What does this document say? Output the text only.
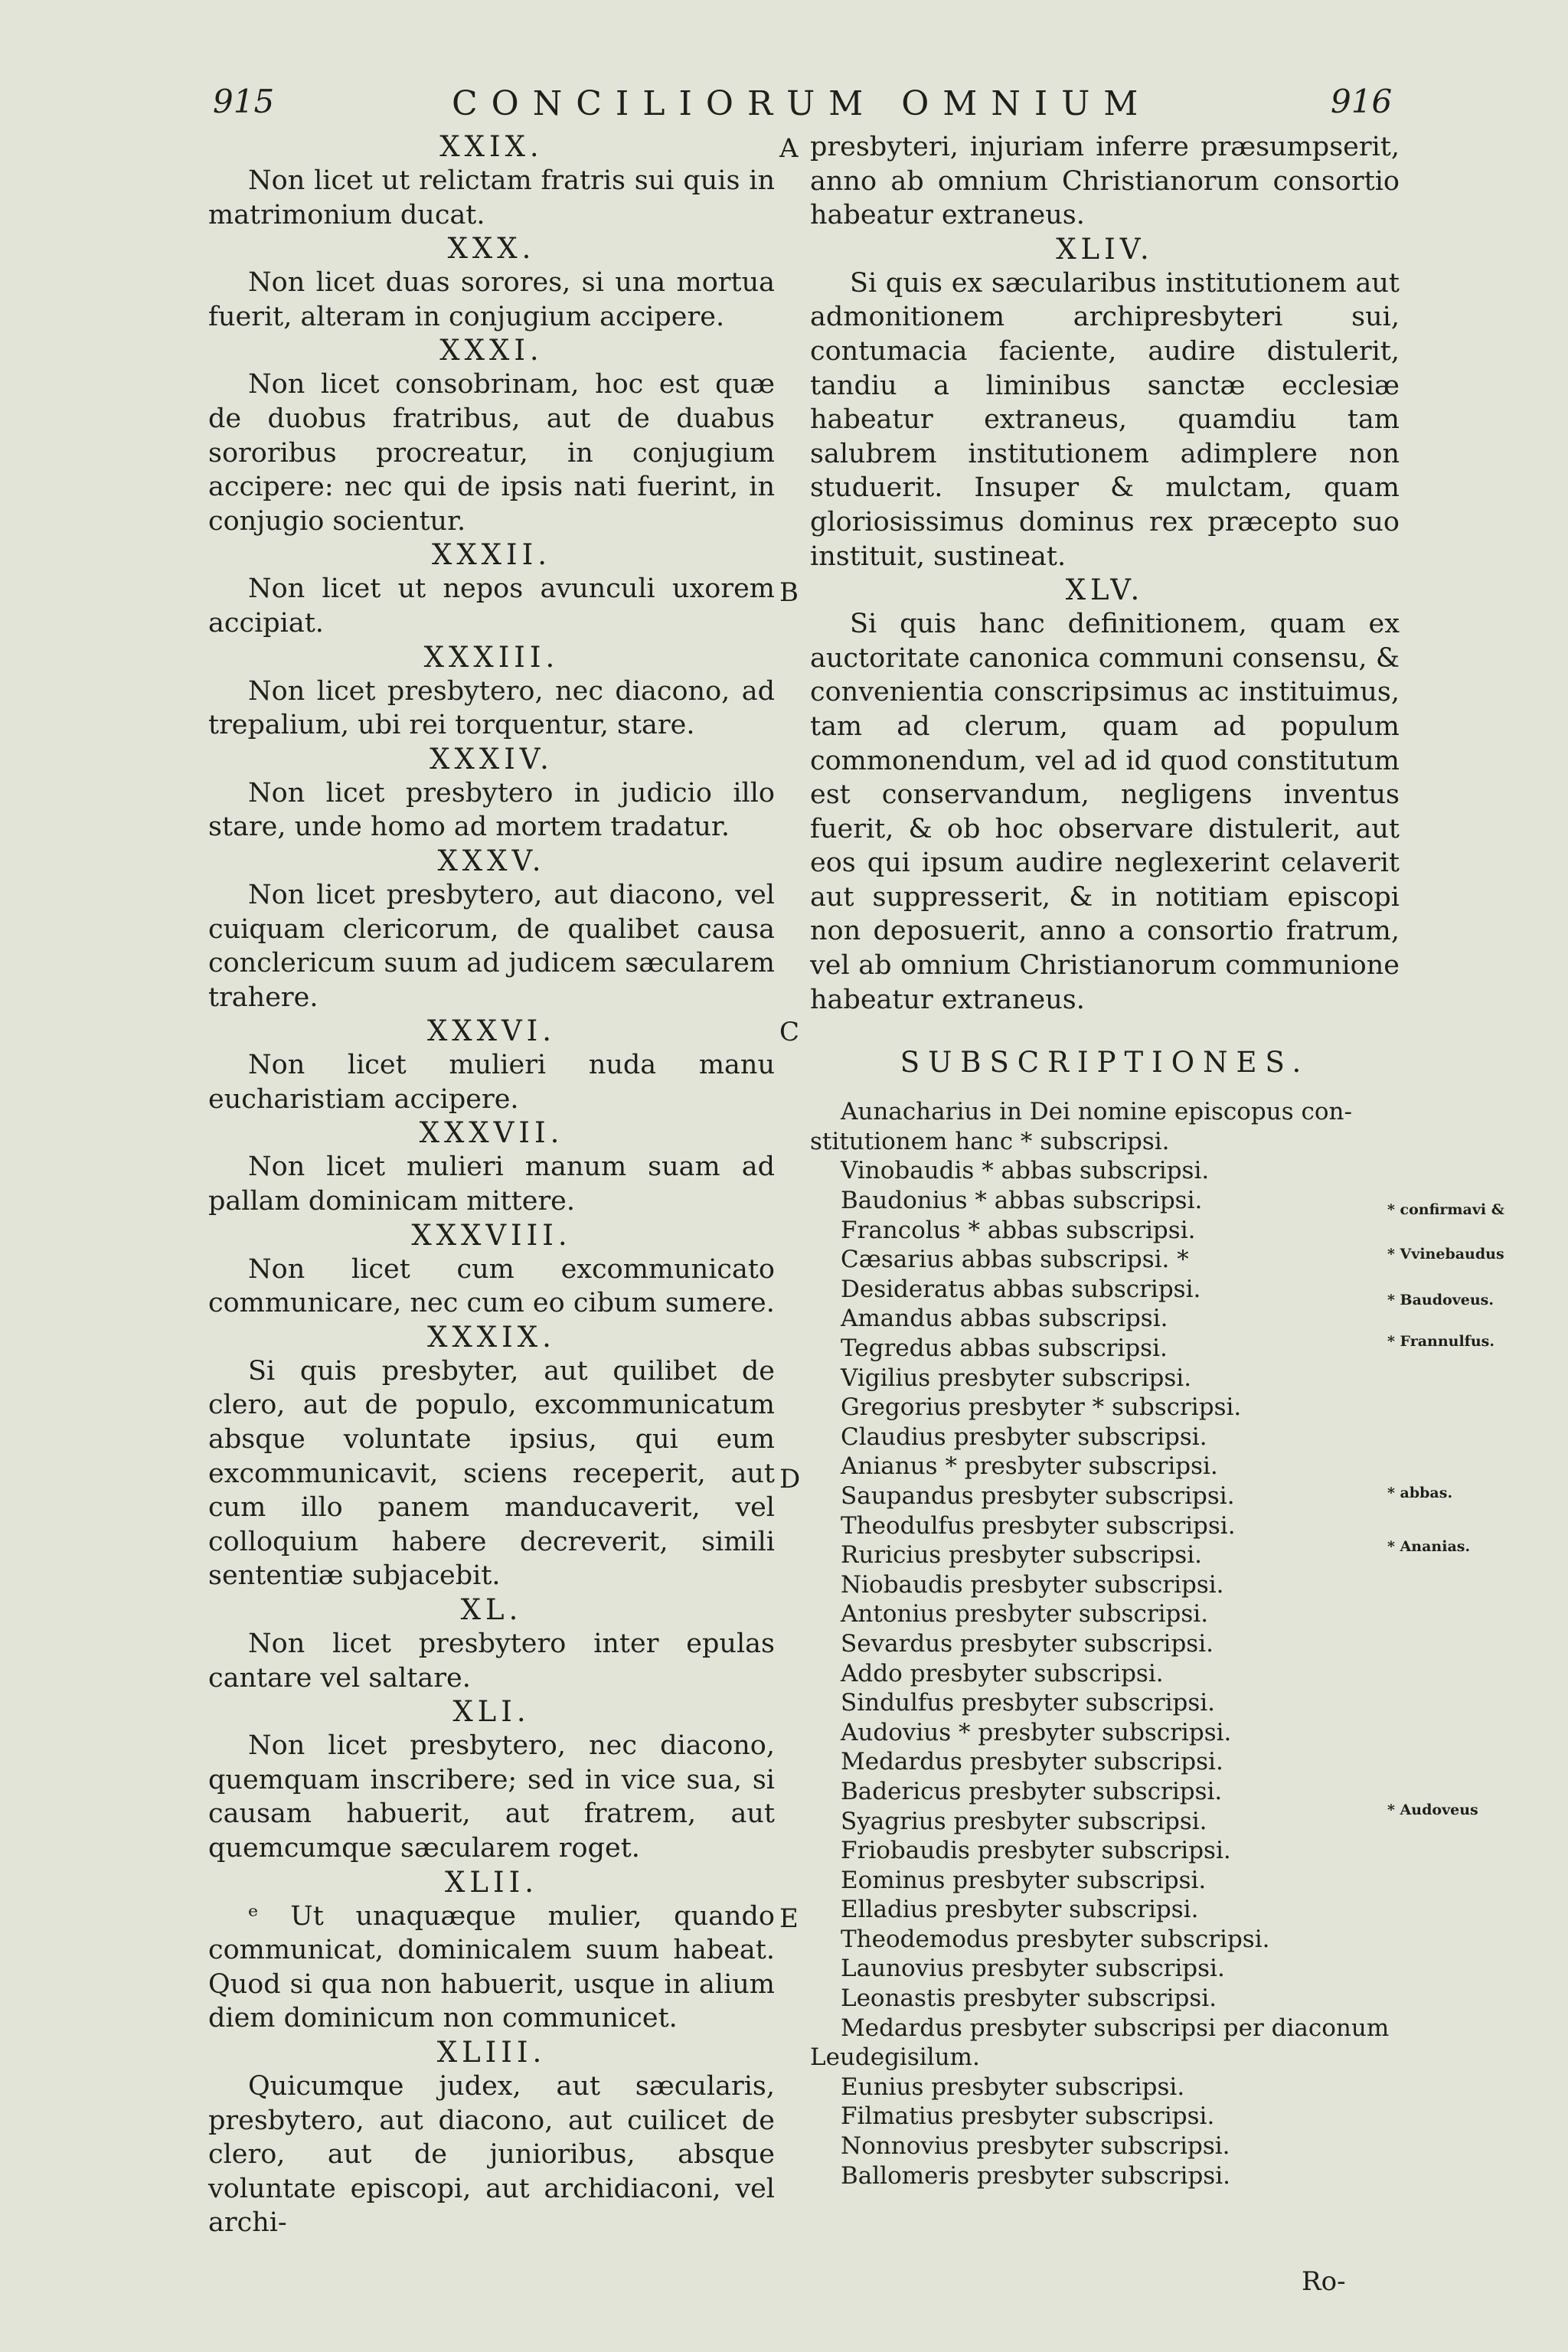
915	CONCILIORUM OMNIUM	916
XXIX.

Non licet ut relictam fratris sui quis in matrimonium ducat.

XXX.

Non licet duas sorores, si una mortua fuerit, alteram in conjugium accipere.

XXXI.

Non licet consobrinam, hoc est quæ de duobus fratribus, aut de duabus sororibus procreatur, in conjugium accipere: nec qui de ipsis nati fuerint, in conjugio socientur.

XXXII.

Non licet ut nepos avunculi uxorem accipiat.

XXXIII.

Non licet presbytero, nec diacono, ad trepalium, ubi rei torquentur, stare.

XXXIV.

Non licet presbytero in judicio illo stare, unde homo ad mortem tradatur.

XXXV.

Non licet presbytero, aut diacono, vel cuiquam clericorum, de qualibet causa conclericum suum ad judicem sæcularem trahere.

XXXVI.

Non licet mulieri nuda manu eucharistiam accipere.

XXXVII.

Non licet mulieri manum suam ad pallam dominicam mittere.

XXXVIII.

Non licet cum excommunicato communicare, nec cum eo cibum sumere.

XXXIX.

Si quis presbyter, aut quilibet de clero, aut de populo, excommunicatum absque voluntate ipsius, qui eum excommunicavit, sciens receperit, aut cum illo panem manducaverit, vel colloquium habere decreverit, simili sententiæ subjacebit.

XL.

Non licet presbytero inter epulas cantare vel saltare.

XLI.

Non licet presbytero, nec diacono, quemquam inscribere; sed in vice sua, si causam habuerit, aut fratrem, aut quemcumque sæcularem roget.

XLII.

ᵉ Ut unaquæque mulier, quando communicat, dominicalem suum habeat. Quod si qua non habuerit, usque in alium diem dominicum non communicet.

XLIII.

Quicumque judex, aut sæcularis, presbytero, aut diacono, aut cuilicet de clero, aut de junioribus, absque voluntate episcopi, aut archidiaconi, vel archi-

A
B
C
D
E

presbyteri, injuriam inferre præsumpserit, anno ab omnium Christianorum consortio habeatur extraneus.

XLIV.

Si quis ex sæcularibus institutionem aut admonitionem archipresbyteri sui, contumacia faciente, audire distulerit, tandiu a liminibus sanctæ ecclesiæ habeatur extraneus, quamdiu tam salubrem institutionem adimplere non studuerit. Insuper & mulctam, quam gloriosissimus dominus rex præcepto suo instituit, sustineat.

XLV.

Si quis hanc definitionem, quam ex auctoritate canonica communi consensu, & convenientia conscripsimus ac instituimus, tam ad clerum, quam ad populum commonendum, vel ad id quod constitutum est conservandum, negligens inventus fuerit, & ob hoc observare distulerit, aut eos qui ipsum audire neglexerint celaverit aut suppresserit, & in notitiam episcopi non deposuerit, anno a consortio fratrum, vel ab omnium Christianorum communione habeatur extraneus.

SUBSCRIPTIONES.

Aunacharius in Dei nomine episcopus con-
stitutionem hanc * subscripsi.

Vinobaudis * abbas subscripsi.

Baudonius * abbas subscripsi.

Francolus * abbas subscripsi.

Cæsarius abbas subscripsi. *

Desideratus abbas subscripsi.

Amandus abbas subscripsi.

Tegredus abbas subscripsi.

Vigilius presbyter subscripsi.

Gregorius presbyter * subscripsi.

Claudius presbyter subscripsi.

Anianus * presbyter subscripsi.

Saupandus presbyter subscripsi.

Theodulfus presbyter subscripsi.

Ruricius presbyter subscripsi.

Niobaudis presbyter subscripsi.

Antonius presbyter subscripsi.

Sevardus presbyter subscripsi.

Addo presbyter subscripsi.

Sindulfus presbyter subscripsi.

Audovius * presbyter subscripsi.

Medardus presbyter subscripsi.

Badericus presbyter subscripsi.

Syagrius presbyter subscripsi.

Friobaudis presbyter subscripsi.

Eominus presbyter subscripsi.

Elladius presbyter subscripsi.

Theodemodus presbyter subscripsi.

Launovius presbyter subscripsi.

Leonastis presbyter subscripsi.

Medardus presbyter subscripsi per diaconum
Leudegisilum.

Eunius presbyter subscripsi.

Filmatius presbyter subscripsi.

Nonnovius presbyter subscripsi.

Ballomeris presbyter subscripsi.

* confirmavi &
* Vvinebaudus
* Baudoveus.
* Frannulfus.
* abbas.
* Ananias.
* Audoveus
Ro-
